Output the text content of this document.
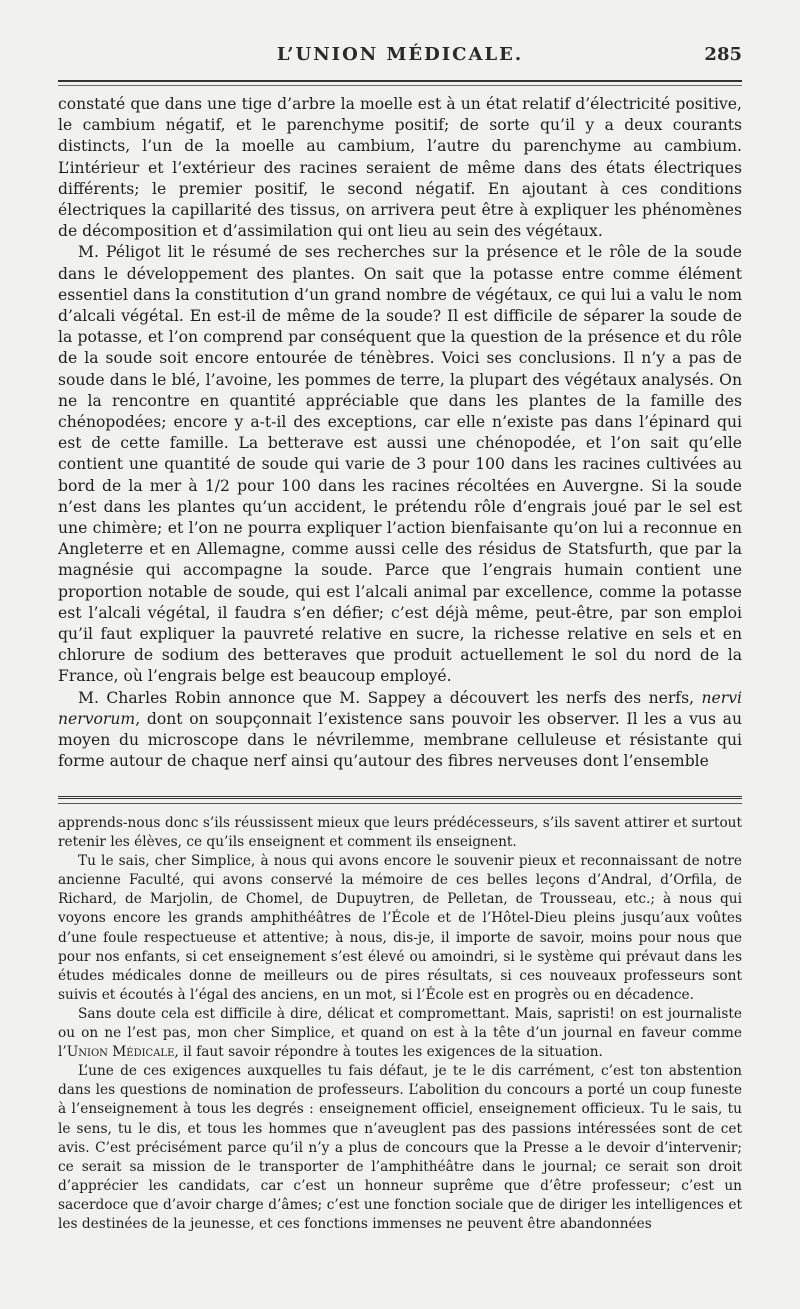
L’UNION MÉDICALE.	285

constaté que dans une tige d’arbre la moelle est à un état relatif d’électricité positive, le cambium négatif, et le parenchyme positif; de sorte qu’il y a deux courants distincts, l’un de la moelle au cambium, l’autre du parenchyme au cambium. L’intérieur et l’extérieur des racines seraient de même dans des états électriques différents; le premier positif, le second négatif. En ajoutant à ces conditions électriques la capillarité des tissus, on arrivera peut être à expliquer les phénomènes de décomposition et d’assimilation qui ont lieu au sein des végétaux.

M. Péligot lit le résumé de ses recherches sur la présence et le rôle de la soude dans le développement des plantes. On sait que la potasse entre comme élément essentiel dans la constitution d’un grand nombre de végétaux, ce qui lui a valu le nom d’alcali végétal. En est-il de même de la soude? Il est difficile de séparer la soude de la potasse, et l’on comprend par conséquent que la question de la présence et du rôle de la soude soit encore entourée de ténèbres. Voici ses conclusions. Il n’y a pas de soude dans le blé, l’avoine, les pommes de terre, la plupart des végétaux analysés. On ne la rencontre en quantité appréciable que dans les plantes de la famille des chénopodées; encore y a-t-il des exceptions, car elle n’existe pas dans l’épinard qui est de cette famille. La betterave est aussi une chénopodée, et l’on sait qu’elle contient une quantité de soude qui varie de 3 pour 100 dans les racines cultivées au bord de la mer à 1/2 pour 100 dans les racines récoltées en Auvergne. Si la soude n’est dans les plantes qu’un accident, le prétendu rôle d’engrais joué par le sel est une chimère; et l’on ne pourra expliquer l’action bienfaisante qu’on lui a reconnue en Angleterre et en Allemagne, comme aussi celle des résidus de Statsfurth, que par la magnésie qui accompagne la soude. Parce que l’engrais humain contient une proportion notable de soude, qui est l’alcali animal par excellence, comme la potasse est l’alcali végétal, il faudra s’en défier; c’est déjà même, peut-être, par son emploi qu’il faut expliquer la pauvreté relative en sucre, la richesse relative en sels et en chlorure de sodium des betteraves que produit actuellement le sol du nord de la France, où l’engrais belge est beaucoup employé.

M. Charles Robin annonce que M. Sappey a découvert les nerfs des nerfs, nervi nervorum, dont on soupçonnait l’existence sans pouvoir les observer. Il les a vus au moyen du microscope dans le névrilemme, membrane celluleuse et résistante qui forme autour de chaque nerf ainsi qu’autour des fibres nerveuses dont l’ensemble

apprends-nous donc s’ils réussissent mieux que leurs prédécesseurs, s’ils savent attirer et surtout retenir les élèves, ce qu’ils enseignent et comment ils enseignent.

Tu le sais, cher Simplice, à nous qui avons encore le souvenir pieux et reconnaissant de notre ancienne Faculté, qui avons conservé la mémoire de ces belles leçons d’Andral, d’Orfila, de Richard, de Marjolin, de Chomel, de Dupuytren, de Pelletan, de Trousseau, etc.; à nous qui voyons encore les grands amphithéâtres de l’École et de l’Hôtel-Dieu pleins jusqu’aux voûtes d’une foule respectueuse et attentive; à nous, dis-je, il importe de savoir, moins pour nous que pour nos enfants, si cet enseignement s’est élevé ou amoindri, si le système qui prévaut dans les études médicales donne de meilleurs ou de pires résultats, si ces nouveaux professeurs sont suivis et écoutés à l’égal des anciens, en un mot, si l’École est en progrès ou en décadence.

Sans doute cela est difficile à dire, délicat et compromettant. Mais, sapristi! on est journaliste ou on ne l’est pas, mon cher Simplice, et quand on est à la tête d’un journal en faveur comme l’Union Médicale, il faut savoir répondre à toutes les exigences de la situation.

L’une de ces exigences auxquelles tu fais défaut, je te le dis carrément, c’est ton abstention dans les questions de nomination de professeurs. L’abolition du concours a porté un coup funeste à l’enseignement à tous les degrés : enseignement officiel, enseignement officieux. Tu le sais, tu le sens, tu le dis, et tous les hommes que n’aveuglent pas des passions intéressées sont de cet avis. C’est précisément parce qu’il n’y a plus de concours que la Presse a le devoir d’intervenir; ce serait sa mission de le transporter de l’amphithéâtre dans le journal; ce serait son droit d’apprécier les candidats, car c’est un honneur suprême que d’être professeur; c’est un sacerdoce que d’avoir charge d’âmes; c’est une fonction sociale que de diriger les intelligences et les destinées de la jeunesse, et ces fonctions immenses ne peuvent être abandonnées
